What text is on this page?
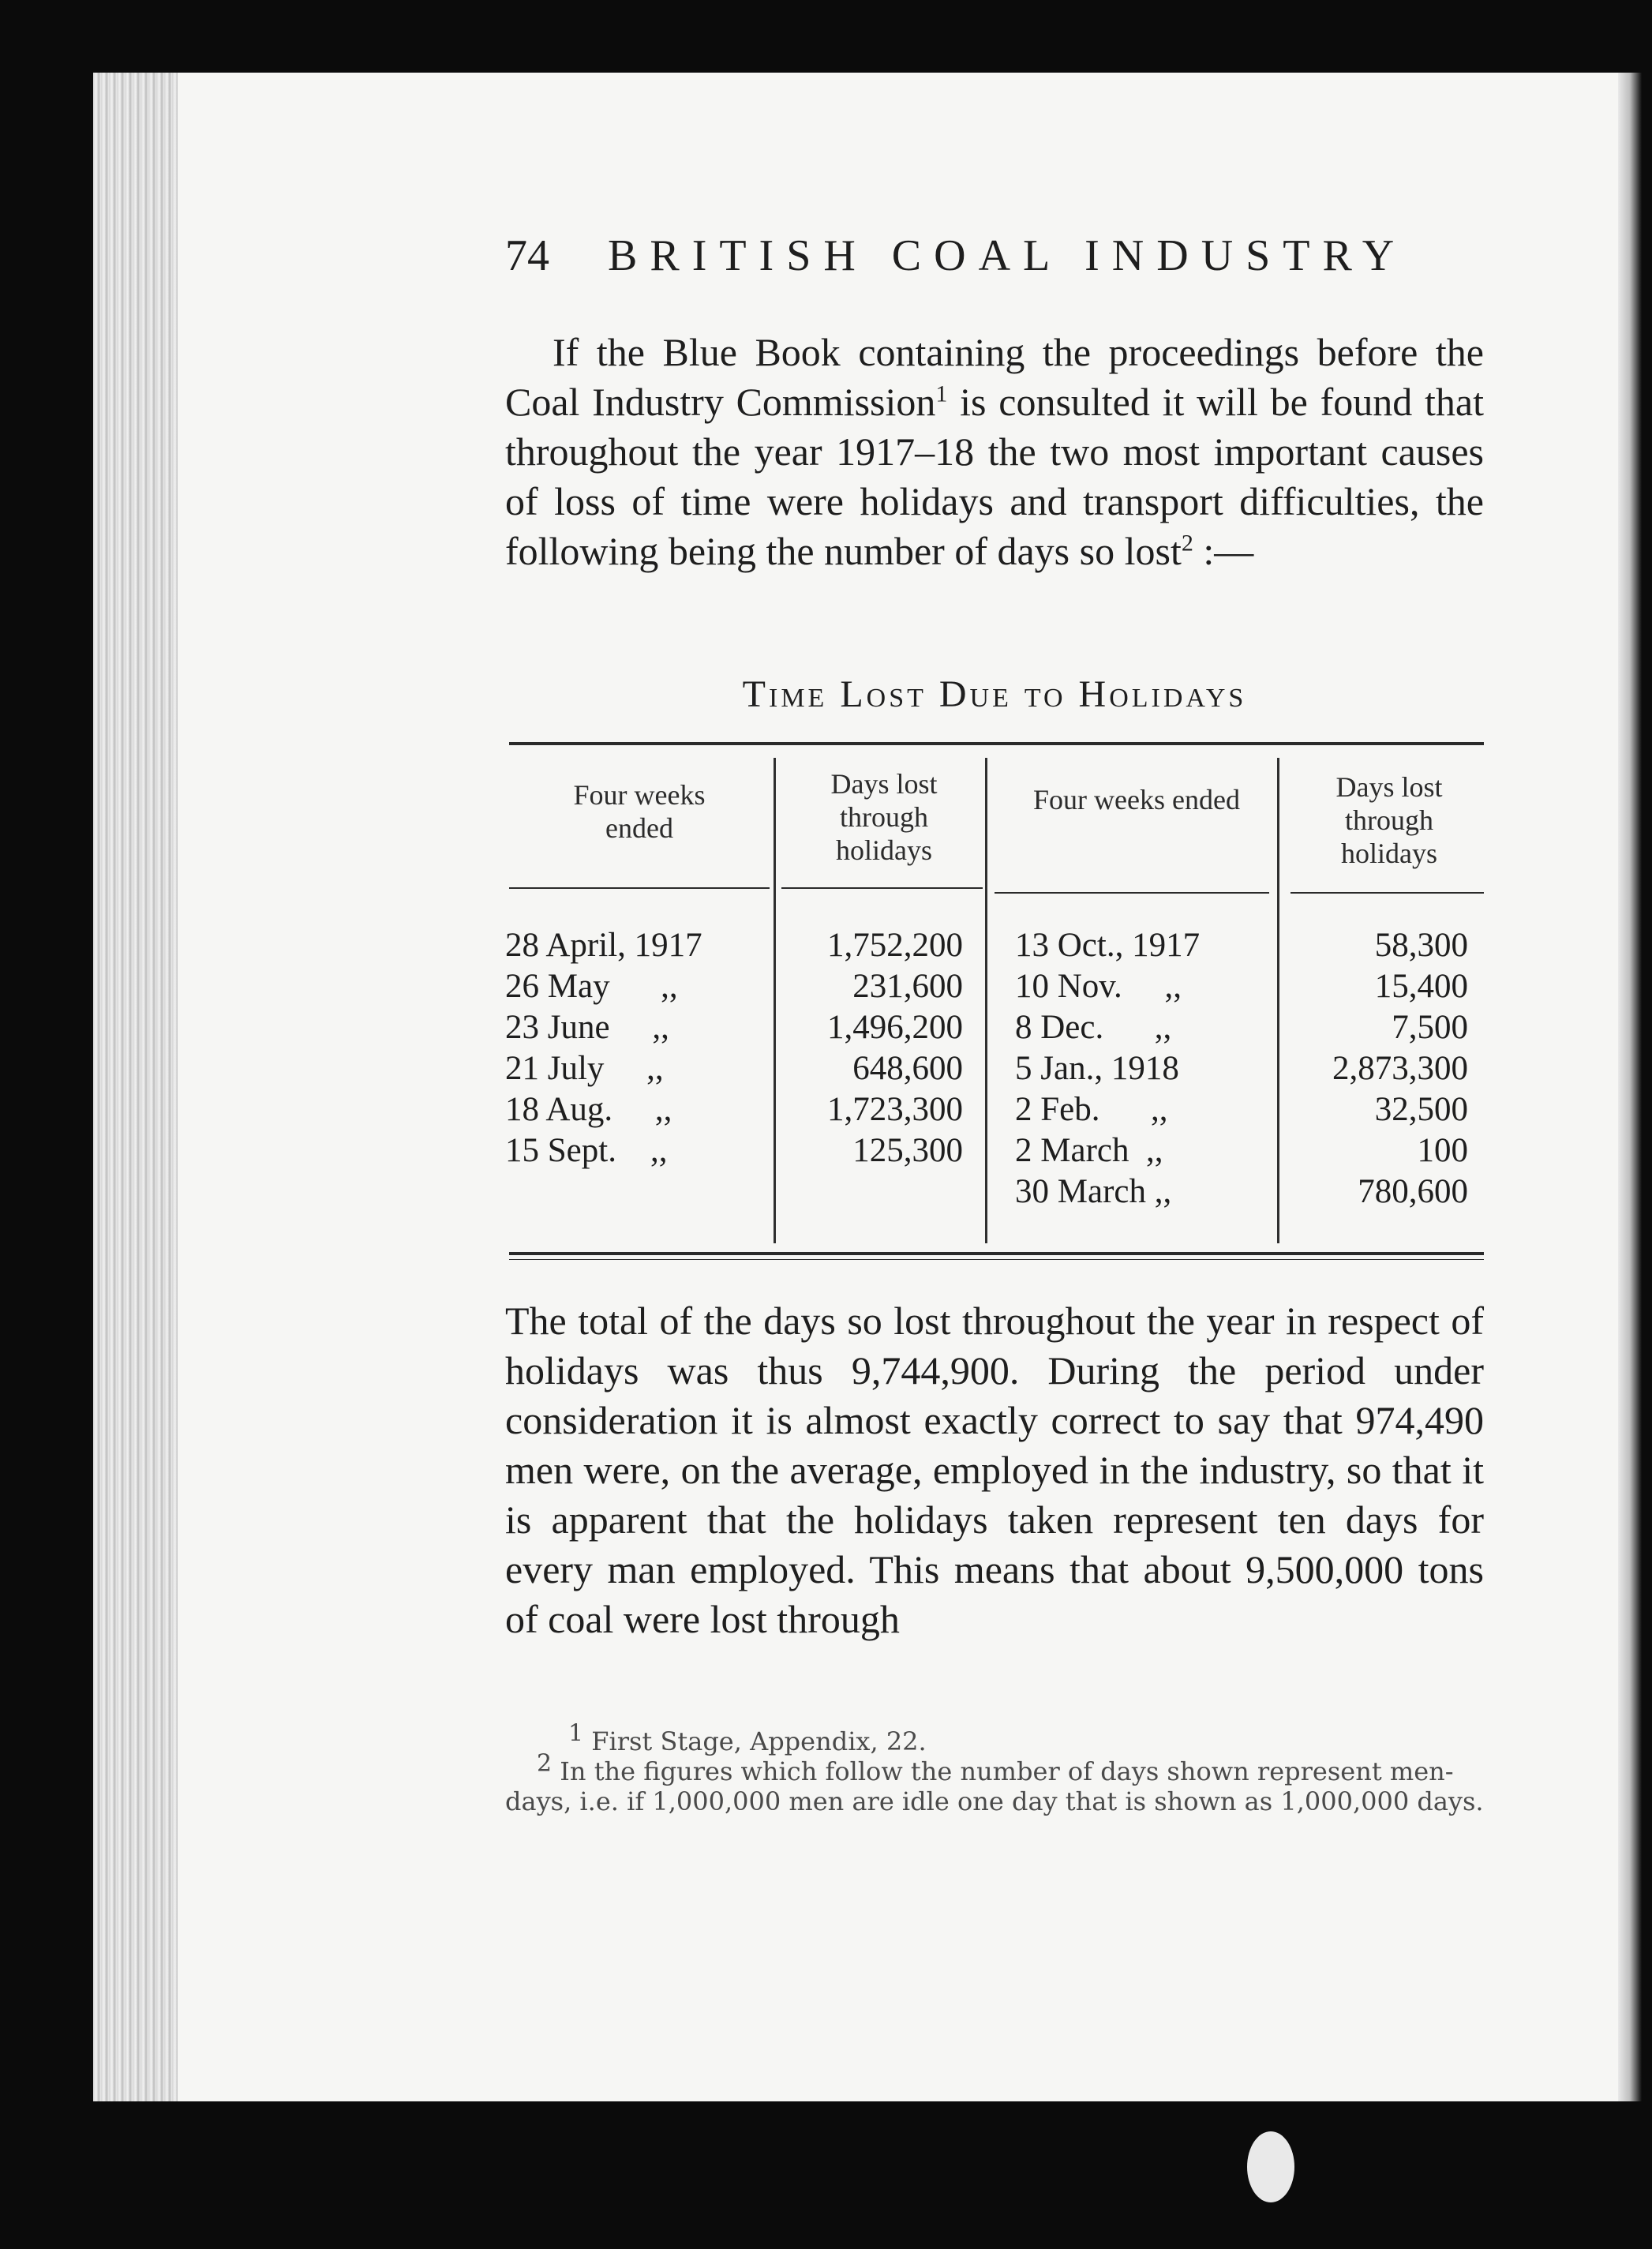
74 BRITISH COAL INDUSTRY
If the Blue Book containing the proceedings before the Coal Industry Commission$^1$ is consulted it will be found that throughout the year 1917–18 the two most important causes of loss of time were holidays and transport difficulties, the following being the number of days so lost$^2$ :—
Time Lost Due to Holidays
Four weeks ended
Days lost through holidays
Four weeks ended	Days lost through holidays
28 April, 1917
26 May      ,,
23 June     ,,
21 July     ,,
18 Aug.     ,,
15 Sept.    ,,
1,752,200
231,600
1,496,200
648,600
1,723,300
125,300
13 Oct., 1917
10 Nov.     ,,
8 Dec.      ,,
5 Jan., 1918
2 Feb.      ,,
2 March  ,,
30 March ,,
58,300
15,400
7,500
2,873,300
32,500
100
780,600
The total of the days so lost throughout the year in respect of holidays was thus 9,744,900. During the period under consideration it is almost exactly correct to say that 974,490 men were, on the average, employed in the industry, so that it is apparent that the holidays taken represent ten days for every man employed. This means that about 9,500,000 tons of coal were lost through
1 First Stage, Appendix, 22.
2 In the figures which follow the number of days shown represent men-days, i.e. if 1,000,000 men are idle one day that is shown as 1,000,000 days.
